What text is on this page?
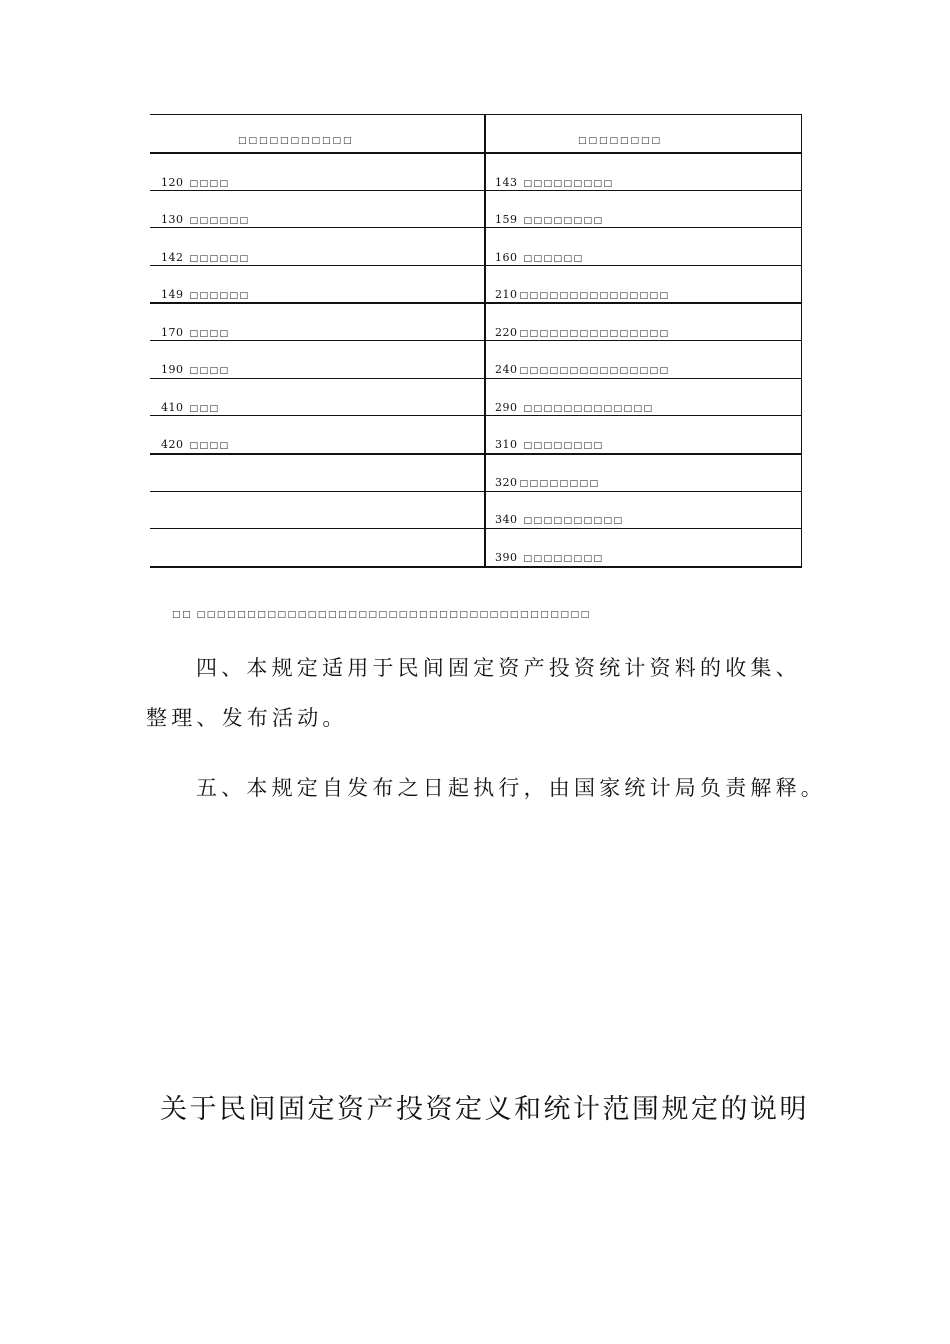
□□□□□□□□□□□	□□□□□□□□
120 □□□□
130 □□□□□□
142 □□□□□□
149 □□□□□□
170 □□□□
190 □□□□
410 □□□
420 □□□□
143 □□□□□□□□□
159 □□□□□□□□
160 □□□□□□
210 □□□□□□□□□□□□□□□
220 □□□□□□□□□□□□□□□
240 □□□□□□□□□□□□□□□
290 □□□□□□□□□□□□□
310 □□□□□□□□
320 □□□□□□□□
340 □□□□□□□□□□
390 □□□□□□□□
□□ □□□□□□□□□□□□□□□□□□□□□□□□□□□□□□□□□□□□□□□
四、本规定适用于民间固定资产投资统计资料的收集、
整理、发布活动。
五、本规定自发布之日起执行，由国家统计局负责解释。
关于民间固定资产投资定义和统计范围规定的说明
